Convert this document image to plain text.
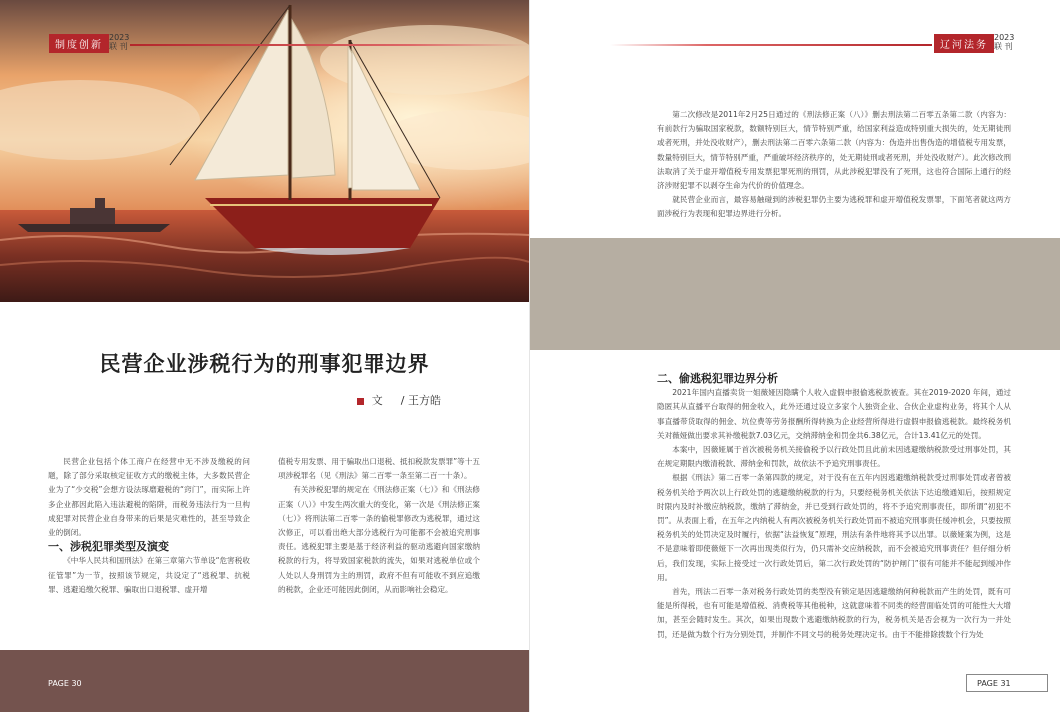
制度创新
2023
联 刊
民营企业涉税行为的刑事犯罪边界
文 / 王方皓

民营企业包括个体工商户在经营中无不涉及缴税的问题，除了部分采取核定征收方式的缴税主体，大多数民营企业为了“少交税”会想方设法琢磨避税的“窍门”，而实际上许多企业都因此陷入违法避税的陷阱，而税务违法行为一旦构成犯罪对民营企业自身带来的后果是灾难性的，甚至导致企业的倒闭。

一、涉税犯罪类型及演变

《中华人民共和国刑法》在第三章第六节单设“危害税收征管罪”为一节，按照该节规定，共设定了“逃税罪、抗税罪、逃避追缴欠税罪、骗取出口退税罪、虚开增

值税专用发票、用于骗取出口退税、抵扣税款发票罪”等十五项涉税罪名（见《刑法》第二百零一条至第二百一十条）。

有关涉税犯罪的规定在《刑法修正案（七）》和《刑法修正案（八）》中发生两次重大的变化，第一次是《刑法修正案（七）》将刑法第二百零一条的偷税罪修改为逃税罪，通过这次修正，可以看出绝大部分逃税行为可能都不会被追究刑事责任。逃税犯罪主要是基于经济利益的驱动逃避向国家缴纳税款的行为，将导致国家税款的流失，如果对逃税单位或个人处以人身刑罚为主的刑罚，政府不但有可能收不到应追缴的税款，企业还可能因此倒闭，从而影响社会稳定。

PAGE 30
辽河法务
2023
联 刊

第二次修改是2011年2月25日通过的《刑法修正案（八）》删去刑法第二百零五条第二款（内容为：有前款行为骗取国家税款，数额特别巨大，情节特别严重，给国家利益造成特别重大损失的，处无期徒刑或者死刑，并处没收财产），删去刑法第二百零六条第二款（内容为：伪造并出售伪造的增值税专用发票，数量特别巨大，情节特别严重，严重破坏经济秩序的，处无期徒刑或者死刑，并处没收财产）。此次修改刑法取消了关于虚开增值税专用发票犯罪死刑的刑罚，从此涉税犯罪没有了死刑，这也符合国际上通行的经济涉财犯罪不以剥夺生命为代价的价值理念。

就民营企业而言，最容易触碰到的涉税犯罪仍主要为逃税罪和虚开增值税发票罪，下面笔者就这两方面涉税行为表现和犯罪边界进行分析。

二、偷逃税犯罪边界分析

2021年国内直播卖货一姐薇娅因隐瞒个人收入虚假申报偷逃税款被查。其在2019-2020 年间，通过隐匿其从直播平台取得的佣金收入，此外还通过设立多家个人独资企业、合伙企业虚构业务，将其个人从事直播带货取得的佣金、坑位费等劳务报酬所得转换为企业经营所得进行虚假申报偷逃税款。最终税务机关对薇娅做出要求其补缴税款7.03亿元，交纳滞纳金和罚金共6.38亿元，合计13.41亿元的处罚。

本案中，因薇娅属于首次被税务机关接偷税予以行政处罚且此前未因逃避缴纳税款受过刑事处罚，其在规定期限内缴清税款、滞纳金和罚款，故依法不予追究刑事责任。

根据《刑法》第二百零一条第四款的规定，对于没有在五年内因逃避缴纳税款受过刑事处罚或者曾被税务机关给予两次以上行政处罚的逃避缴纳税款的行为，只要经税务机关依法下达追缴通知后，按照规定时限内及时补缴应纳税款，缴纳了滞纳金，并已受到行政处罚的，将不予追究刑事责任，即所谓“初犯不罚”。从表面上看，在五年之内纳税人有两次被税务机关行政处罚而不被追究刑事责任缓冲机会，只要按照税务机关的处罚决定及时履行，依据“法益恢复”原理，刑法有条件地将其予以出罪。以薇娅案为例，这是不是意味着即使薇娅下一次再出现类似行为，仍只需补交应纳税款，而不会被追究刑事责任？但仔细分析后，我们发现，实际上接受过一次行政处罚后，第二次行政处罚的“防护闸门”很有可能并不能起到缓冲作用。

首先，刑法二百零一条对税务行政处罚的类型没有锁定是因逃避缴纳何种税款而产生的处罚，既有可能是所得税，也有可能是增值税、消费税等其他税种，这就意味着不同类的经营面临处罚的可能性大大增加，甚至会随时发生。其次，如果出现数个逃避缴纳税款的行为，税务机关是否会视为一次行为一并处罚，还是做为数个行为分别处罚，并制作不同文号的税务处理决定书。由于不能排除拨数个行为处

PAGE 31
